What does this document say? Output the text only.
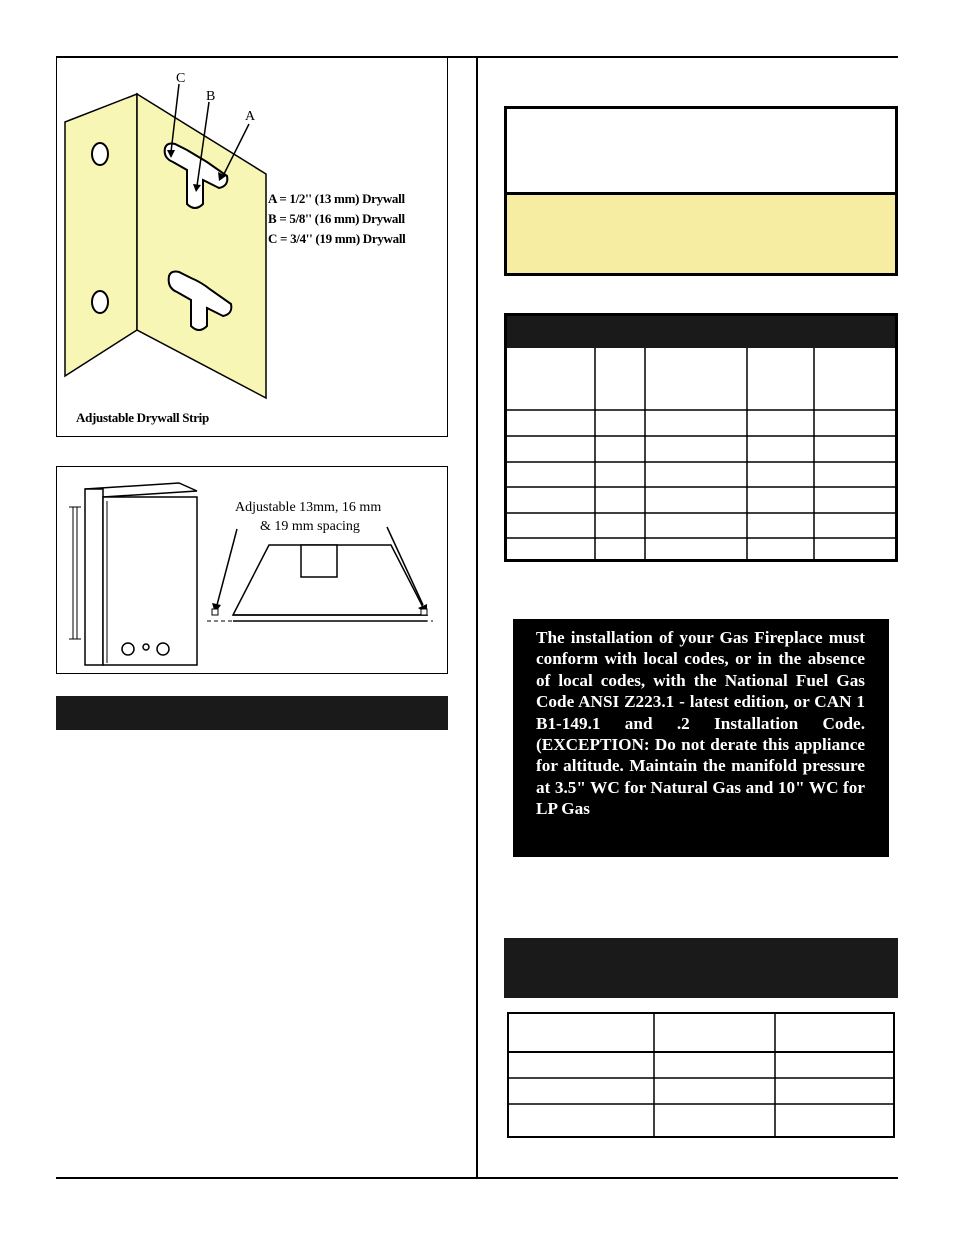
C
B
A
A = 1/2'' (13 mm) Drywall
B = 5/8'' (16 mm) Drywall
C = 3/4'' (19 mm) Drywall
Adjustable Drywall Strip
Adjustable 13mm, 16 mm
& 19 mm spacing

The installation of your Gas Fireplace must conform with local codes, or in the absence of local codes, with the National Fuel Gas Code ANSI Z223.1 - latest edition, or CAN 1 B1-149.1 and .2 Installation Code. (EXCEPTION: Do not derate this appliance for altitude. Maintain the manifold pressure at 3.5" WC for Natural Gas and 10" WC for LP Gas
